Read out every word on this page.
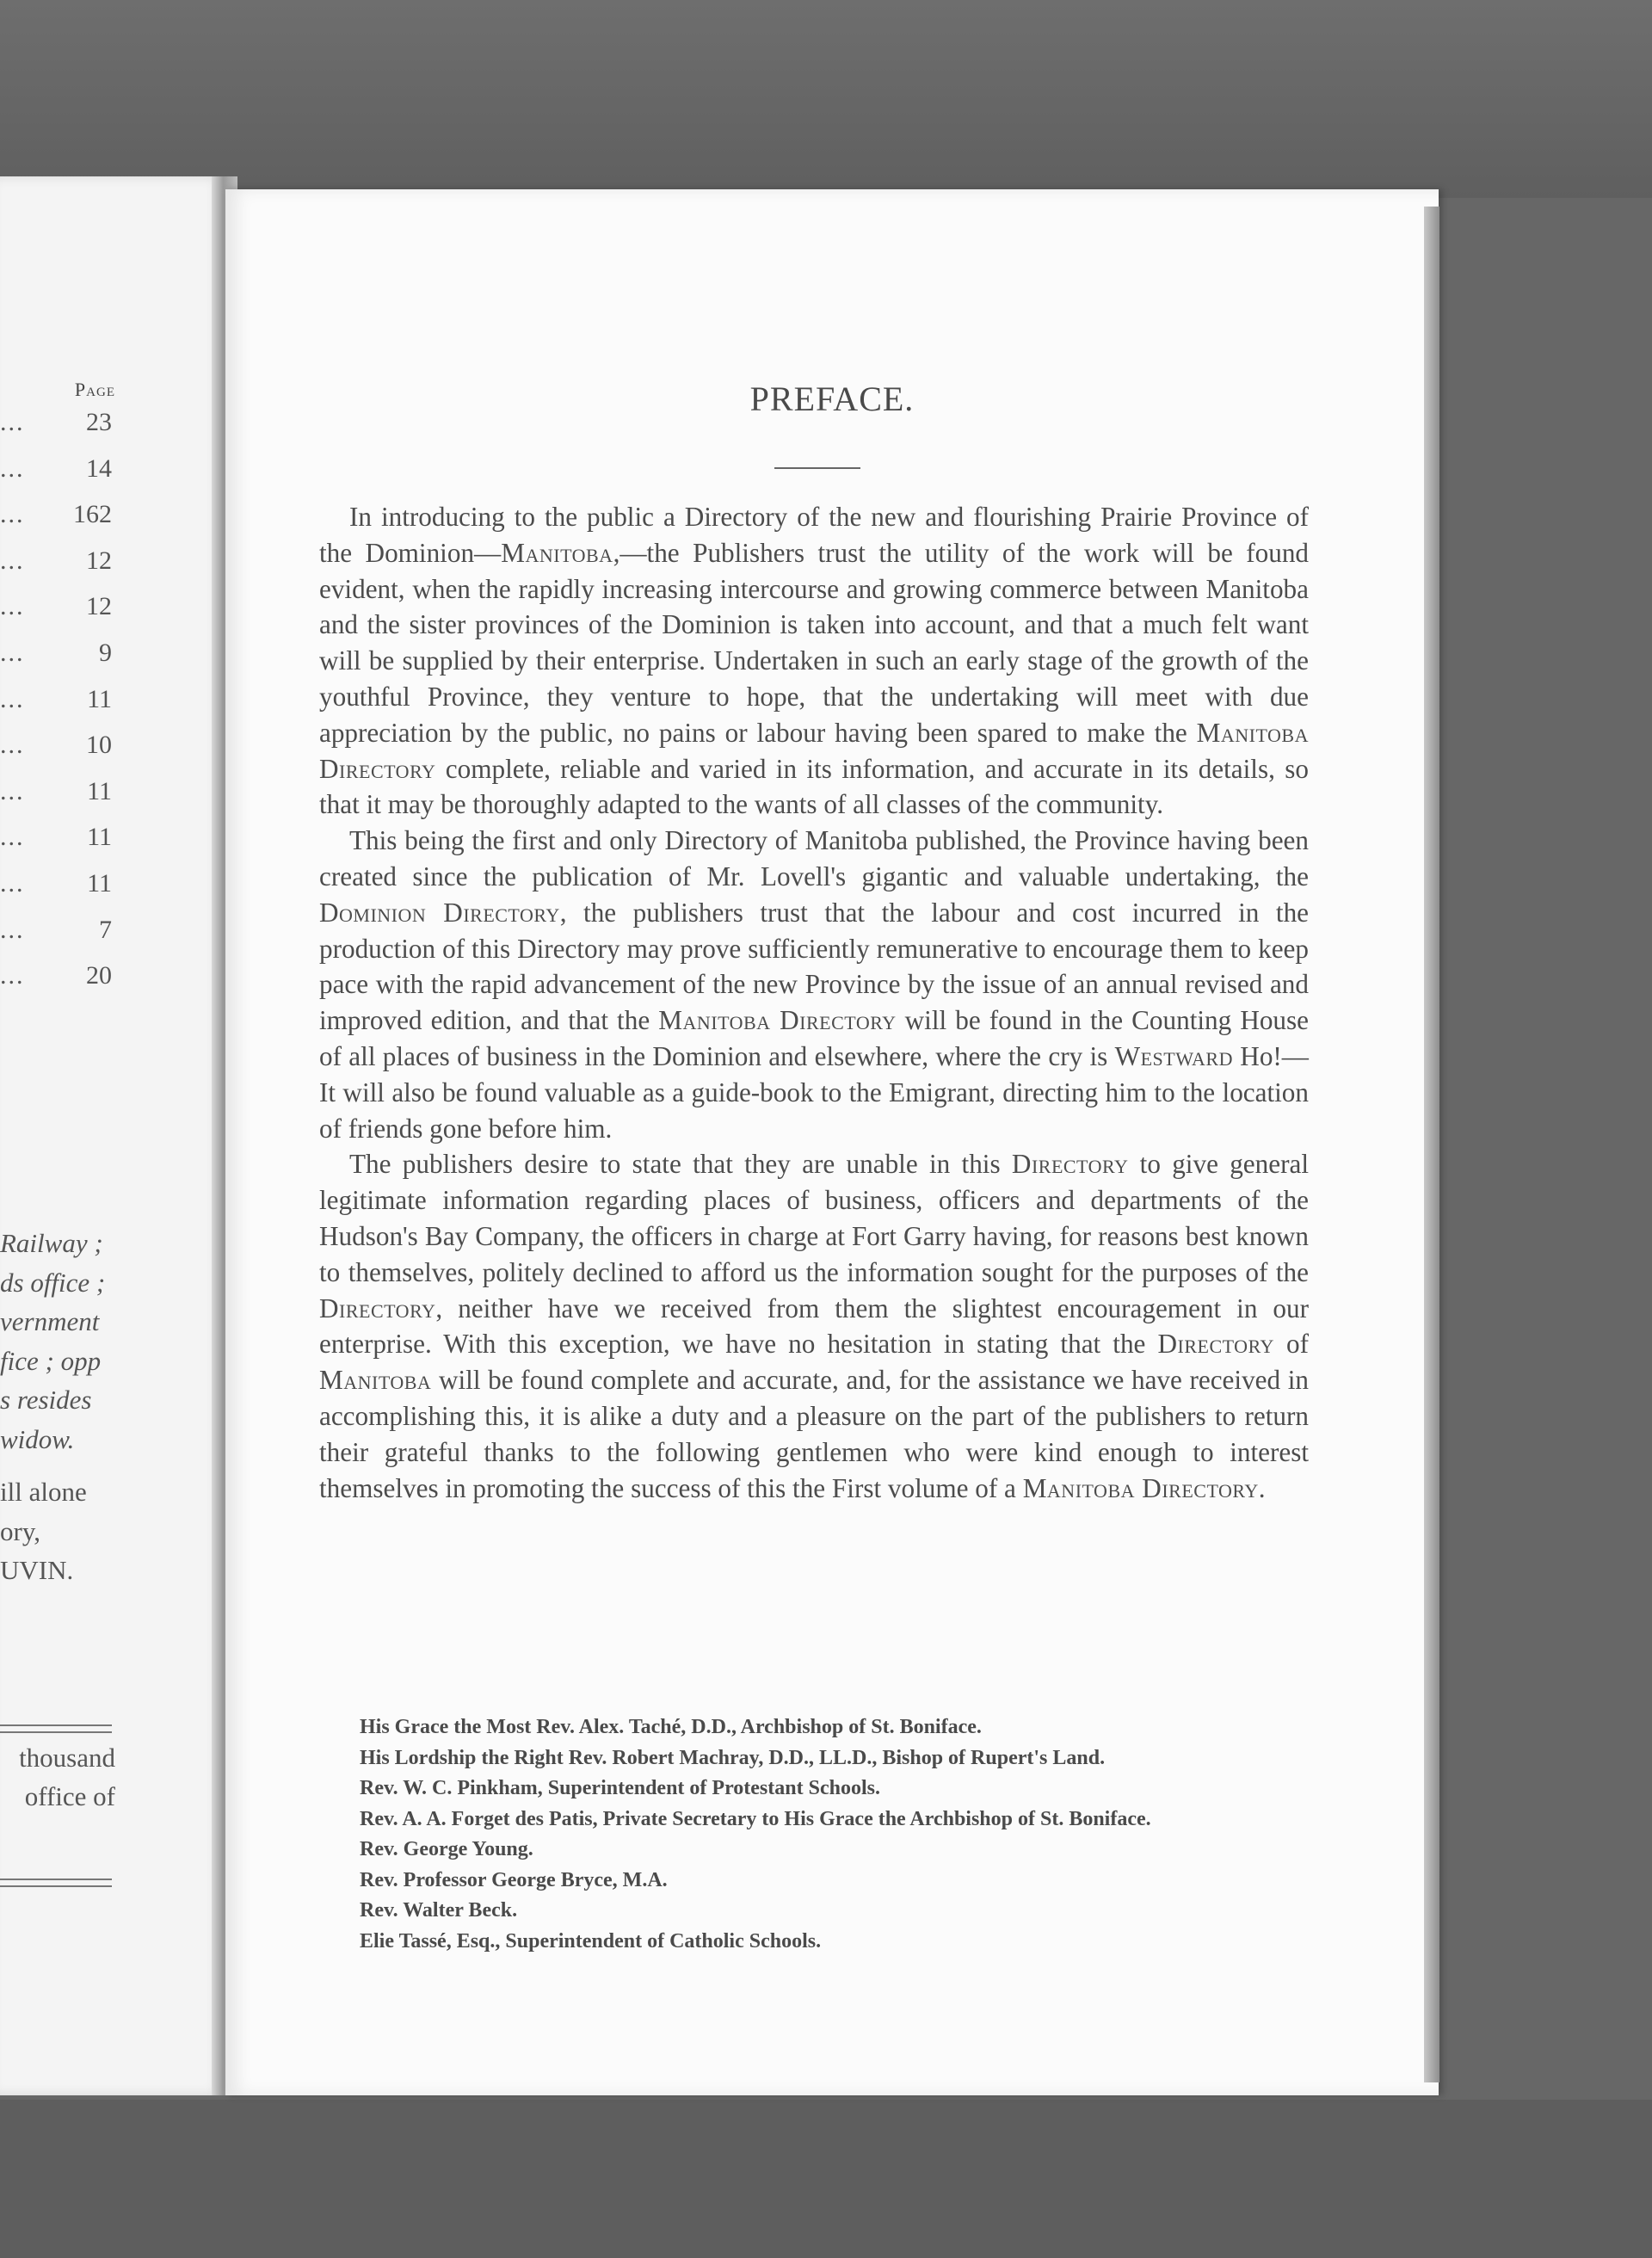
Page
... 23
... 14
... 162
... 12
... 12
...	9
... 11
... 10
... 11
... 11
... 11
...	7
... 20
Railway ;
ds office ;
vernment
fice ; opp
s resides
widow.
ill alone
ory,
UVIN.
thousand
office of
PREFACE.

In introducing to the public a Directory of the new and flourishing Prairie Province of the Dominion—Manitoba,—the Publishers trust the utility of the work will be found evident, when the rapidly increasing intercourse and growing commerce between Manitoba and the sister provinces of the Dominion is taken into account, and that a much felt want will be supplied by their enterprise. Undertaken in such an early stage of the growth of the youthful Province, they venture to hope, that the undertaking will meet with due appreciation by the public, no pains or labour having been spared to make the Manitoba Directory complete, reliable and varied in its information, and accurate in its details, so that it may be thoroughly adapted to the wants of all classes of the community.

This being the first and only Directory of Manitoba published, the Province having been created since the publication of Mr. Lovell's gigantic and valuable undertaking, the Dominion Directory, the publishers trust that the labour and cost incurred in the production of this Directory may prove sufficiently remunerative to encourage them to keep pace with the rapid advancement of the new Province by the issue of an annual revised and improved edition, and that the Manitoba Directory will be found in the Counting House of all places of business in the Dominion and elsewhere, where the cry is Westward Ho!—It will also be found valuable as a guide-book to the Emigrant, directing him to the location of friends gone before him.

The publishers desire to state that they are unable in this Directory to give general legitimate information regarding places of business, officers and departments of the Hudson's Bay Company, the officers in charge at Fort Garry having, for reasons best known to themselves, politely declined to afford us the information sought for the purposes of the Directory, neither have we received from them the slightest encouragement in our enterprise. With this exception, we have no hesitation in stating that the Directory of Manitoba will be found complete and accurate, and, for the assistance we have received in accomplishing this, it is alike a duty and a pleasure on the part of the publishers to return their grateful thanks to the following gentlemen who were kind enough to interest themselves in promoting the success of this the First volume of a Manitoba Directory.

His Grace the Most Rev. Alex. Taché, D.D., Archbishop of St. Boniface.
His Lordship the Right Rev. Robert Machray, D.D., LL.D., Bishop of Rupert's Land.
Rev. W. C. Pinkham, Superintendent of Protestant Schools.
Rev. A. A. Forget des Patis, Private Secretary to His Grace the Archbishop of St. Boniface.
Rev. George Young.
Rev. Professor George Bryce, M.A.
Rev. Walter Beck.
Elie Tassé, Esq., Superintendent of Catholic Schools.
